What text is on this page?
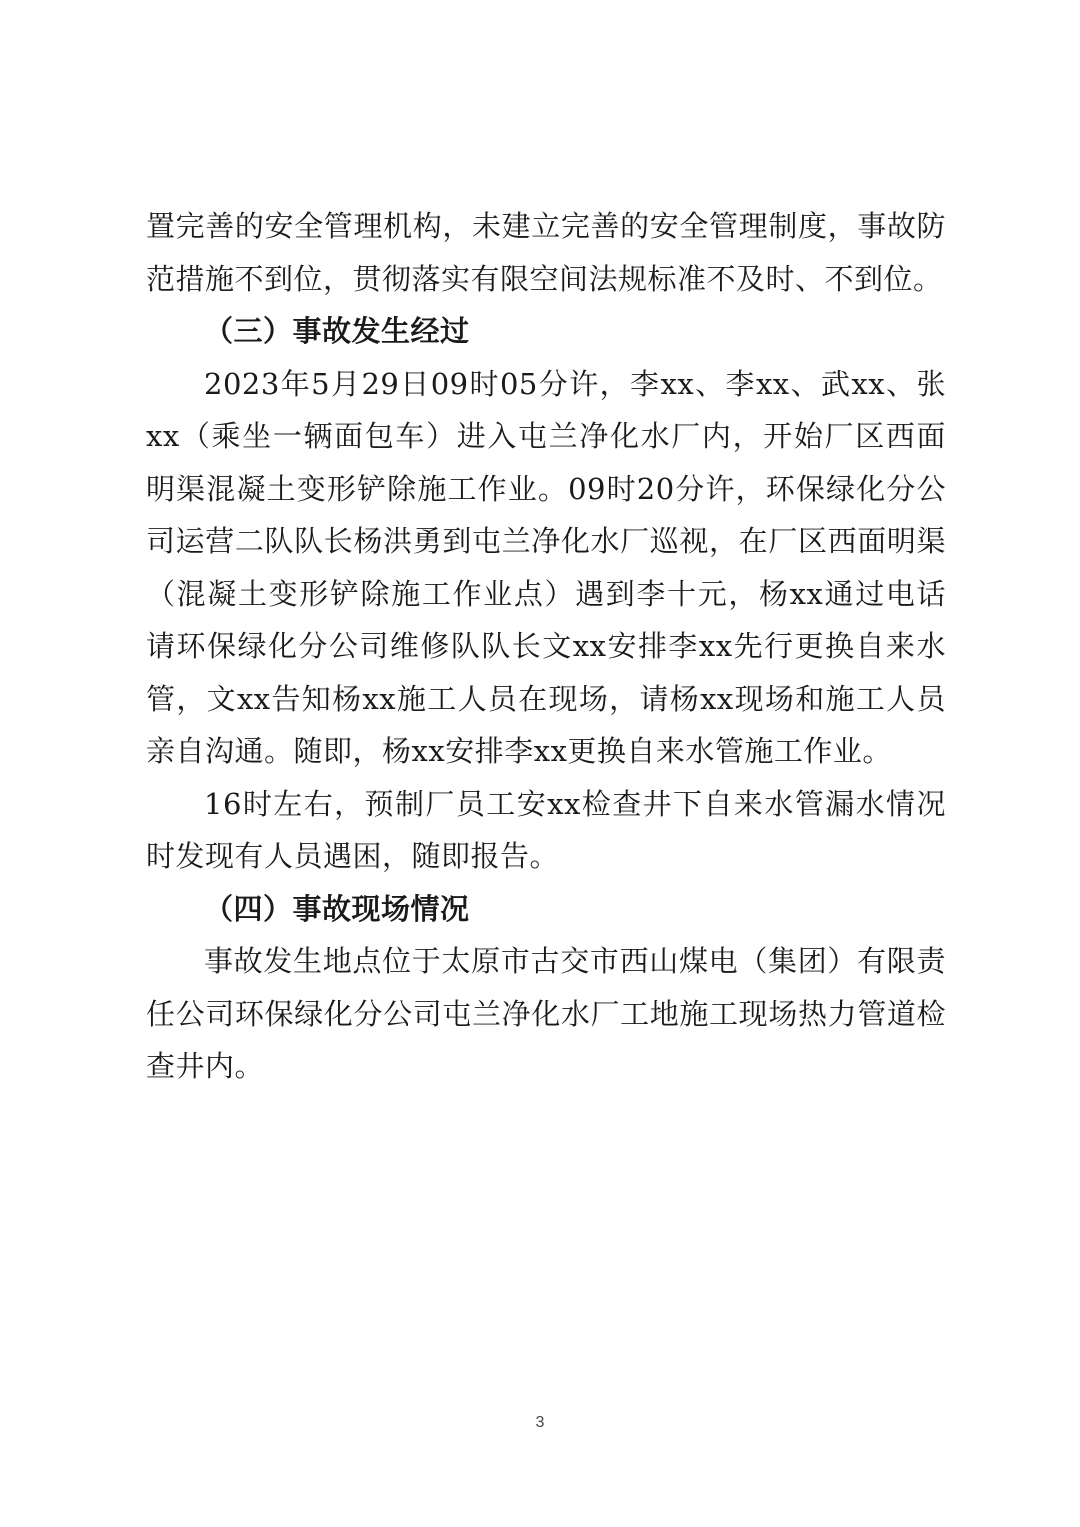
置完善的安全管理机构，未建立完善的安全管理制度，事故防范措施不到位，贯彻落实有限空间法规标准不及时、不到位。

（三）事故发生经过

2023年5月29日09时05分许，李xx、李xx、武xx、张xx（乘坐一辆面包车）进入屯兰净化水厂内，开始厂区西面明渠混凝土变形铲除施工作业。09时20分许，环保绿化分公司运营二队队长杨洪勇到屯兰净化水厂巡视，在厂区西面明渠（混凝土变形铲除施工作业点）遇到李十元，杨xx通过电话请环保绿化分公司维修队队长文xx安排李xx先行更换自来水管，文xx告知杨xx施工人员在现场，请杨xx现场和施工人员亲自沟通。随即，杨xx安排李xx更换自来水管施工作业。

16时左右，预制厂员工安xx检查井下自来水管漏水情况时发现有人员遇困，随即报告。

（四）事故现场情况

事故发生地点位于太原市古交市西山煤电（集团）有限责任公司环保绿化分公司屯兰净化水厂工地施工现场热力管道检查井内。

3
